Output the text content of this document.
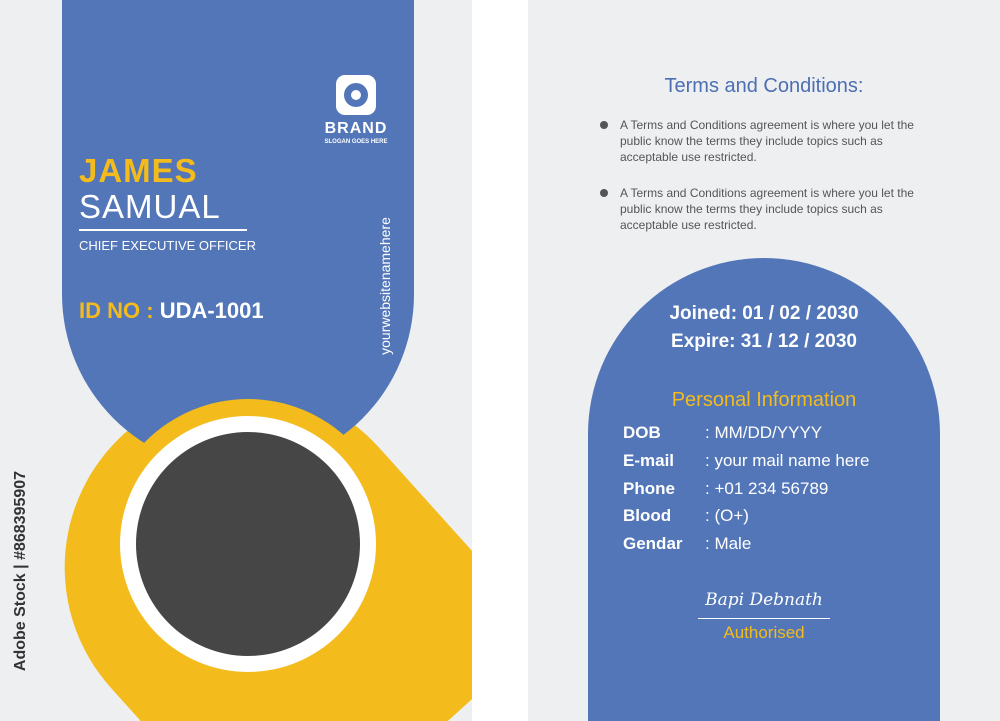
BRAND
SLOGAN GOES HERE
JAMES
SAMUAL
CHIEF EXECUTIVE OFFICER
ID NO : UDA-1001	yourwebsitenamehere
Adobe Stock | #868395907
Terms and Conditions:
A Terms and Conditions agreement is where you let the public know the terms they include topics such as acceptable use restricted.
A Terms and Conditions agreement is where you let the public know the terms they include topics such as acceptable use restricted.
Joined: 01 / 02 / 2030
Expire: 31 / 12 / 2030
Personal Information
DOB	: MM/DD/YYYY
E-mail : your mail name here
Phone : +01 234 56789
Blood : (O+)
Gendar : Male
Bapi Debnath
Authorised
